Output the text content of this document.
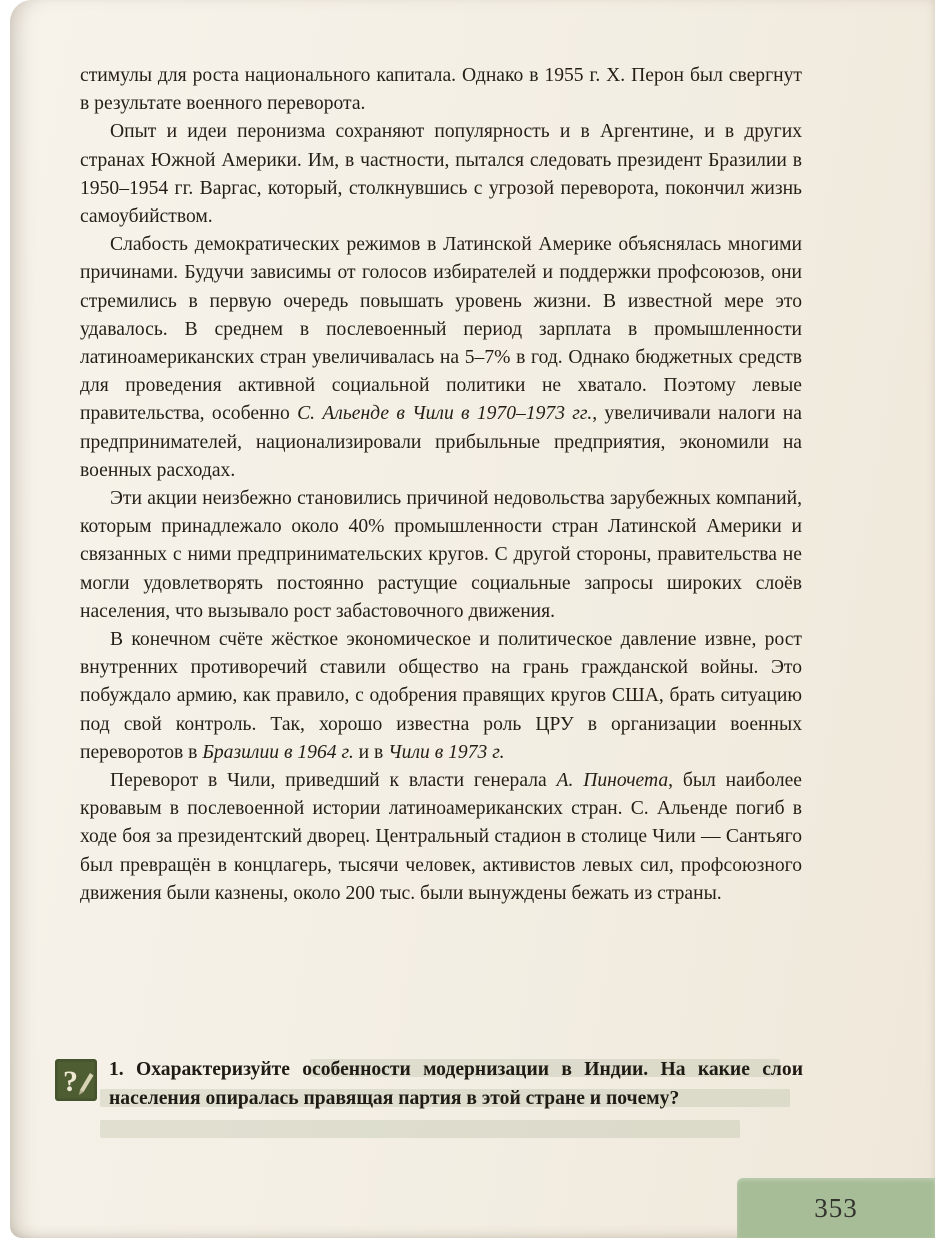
стимулы для роста национального капитала. Однако в 1955 г. Х. Перон был свергнут в результате военного переворота.

Опыт и идеи перонизма сохраняют популярность и в Аргентине, и в других странах Южной Америки. Им, в частности, пытался следовать президент Бразилии в 1950–1954 гг. Варгас, который, столкнувшись с угрозой переворота, покончил жизнь самоубийством.

Слабость демократических режимов в Латинской Америке объяснялась многими причинами. Будучи зависимы от голосов избирателей и поддержки профсоюзов, они стремились в первую очередь повышать уровень жизни. В известной мере это удавалось. В среднем в послевоенный период зарплата в промышленности латиноамериканских стран увеличивалась на 5–7% в год. Однако бюджетных средств для проведения активной социальной политики не хватало. Поэтому левые правительства, особенно С. Альенде в Чили в 1970–1973 гг., увеличивали налоги на предпринимателей, национализировали прибыльные предприятия, экономили на военных расходах.

Эти акции неизбежно становились причиной недовольства зарубежных компаний, которым принадлежало около 40% промышленности стран Латинской Америки и связанных с ними предпринимательских кругов. С другой стороны, правительства не могли удовлетворять постоянно растущие социальные запросы широких слоёв населения, что вызывало рост забастовочного движения.

В конечном счёте жёсткое экономическое и политическое давление извне, рост внутренних противоречий ставили общество на грань гражданской войны. Это побуждало армию, как правило, с одобрения правящих кругов США, брать ситуацию под свой контроль. Так, хорошо известна роль ЦРУ в организации военных переворотов в Бразилии в 1964 г. и в Чили в 1973 г.

Переворот в Чили, приведший к власти генерала А. Пиночета, был наиболее кровавым в послевоенной истории латиноамериканских стран. С. Альенде погиб в ходе боя за президентский дворец. Центральный стадион в столице Чили — Сантьяго был превращён в концлагерь, тысячи человек, активистов левых сил, профсоюзного движения были казнены, около 200 тыс. были вынуждены бежать из страны.

?	1. Охарактеризуйте особенности модернизации в Индии. На какие слои населения опиралась правящая партия в этой стране и почему?

353
